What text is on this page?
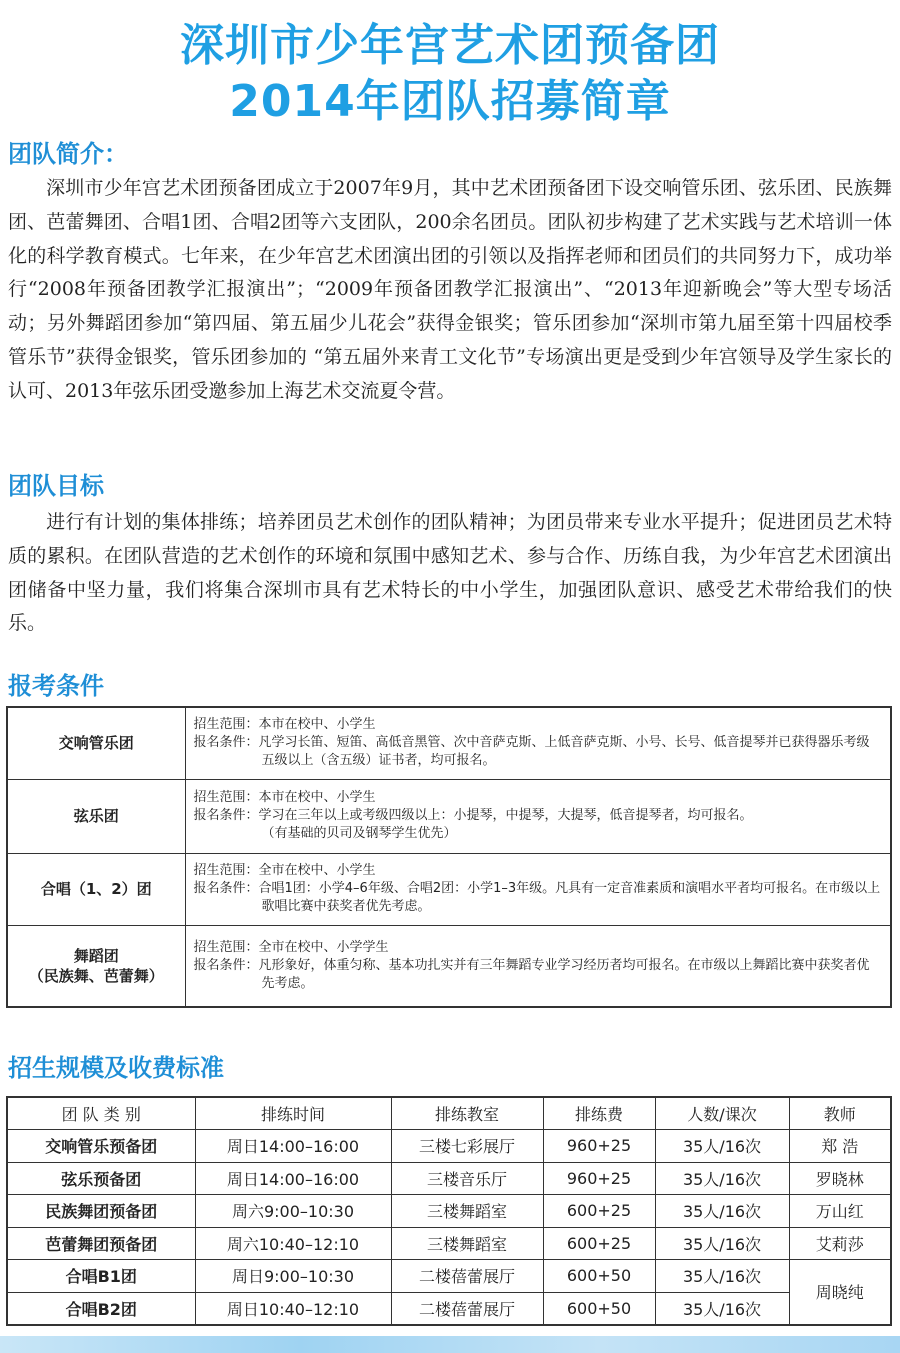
深圳市少年宫艺术团预备团
2014年团队招募简章
团队简介：

深圳市少年宫艺术团预备团成立于2007年9月，其中艺术团预备团下设交响管乐团、弦乐团、民族舞团、芭蕾舞团、合唱1团、合唱2团等六支团队，200余名团员。团队初步构建了艺术实践与艺术培训一体化的科学教育模式。七年来，在少年宫艺术团演出团的引领以及指挥老师和团员们的共同努力下，成功举行“2008年预备团教学汇报演出”；“2009年预备团教学汇报演出”、“2013年迎新晚会”等大型专场活动；另外舞蹈团参加“第四届、第五届少儿花会”获得金银奖；管乐团参加“深圳市第九届至第十四届校季管乐节”获得金银奖，管乐团参加的 “第五届外来青工文化节”专场演出更是受到少年宫领导及学生家长的认可、2013年弦乐团受邀参加上海艺术交流夏令营。

团队目标

进行有计划的集体排练；培养团员艺术创作的团队精神；为团员带来专业水平提升；促进团员艺术特质的累积。在团队营造的艺术创作的环境和氛围中感知艺术、参与合作、历练自我，为少年宫艺术团演出团储备中坚力量，我们将集合深圳市具有艺术特长的中小学生，加强团队意识、感受艺术带给我们的快乐。

报考条件
交响管乐团	招生范围：本市在校中、小学生
报名条件：凡学习长笛、短笛、高低音黑管、次中音萨克斯、上低音萨克斯、小号、长号、低音提琴并已获得器乐考级五级以上（含五级）证书者，均可报名。

弦乐团	招生范围：本市在校中、小学生
报名条件：学习在三年以上或考级四级以上：小提琴，中提琴，大提琴，低音提琴者，均可报名。
（有基础的贝司及钢琴学生优先）

合唱（1、2）团	招生范围：全市在校中、小学生
报名条件：合唱1团：小学4–6年级、合唱2团：小学1–3年级。凡具有一定音准素质和演唱水平者均可报名。在市级以上歌唱比赛中获奖者优先考虑。

舞蹈团
（民族舞、芭蕾舞）	招生范围：全市在校中、小学学生
报名条件：凡形象好，体重匀称、基本功扎实并有三年舞蹈专业学习经历者均可报名。在市级以上舞蹈比赛中获奖者优先考虑。
招生规模及收费标准
团 队 类 别	排练时间	排练教室	排练费	人数/课次	教师
交响管乐预备团	周日14:00–16:00	三楼七彩展厅	960+25	35人/16次	郑 浩
弦乐预备团	周日14:00–16:00	三楼音乐厅	960+25	35人/16次	罗晓林
民族舞团预备团	周六9:00–10:30	三楼舞蹈室	600+25	35人/16次	万山红
芭蕾舞团预备团	周六10:40–12:10	三楼舞蹈室	600+25	35人/16次	艾莉莎
合唱B1团	周日9:00–10:30	二楼蓓蕾展厅	600+50	35人/16次	周晓纯
合唱B2团	周日10:40–12:10	二楼蓓蕾展厅	600+50	35人/16次	
